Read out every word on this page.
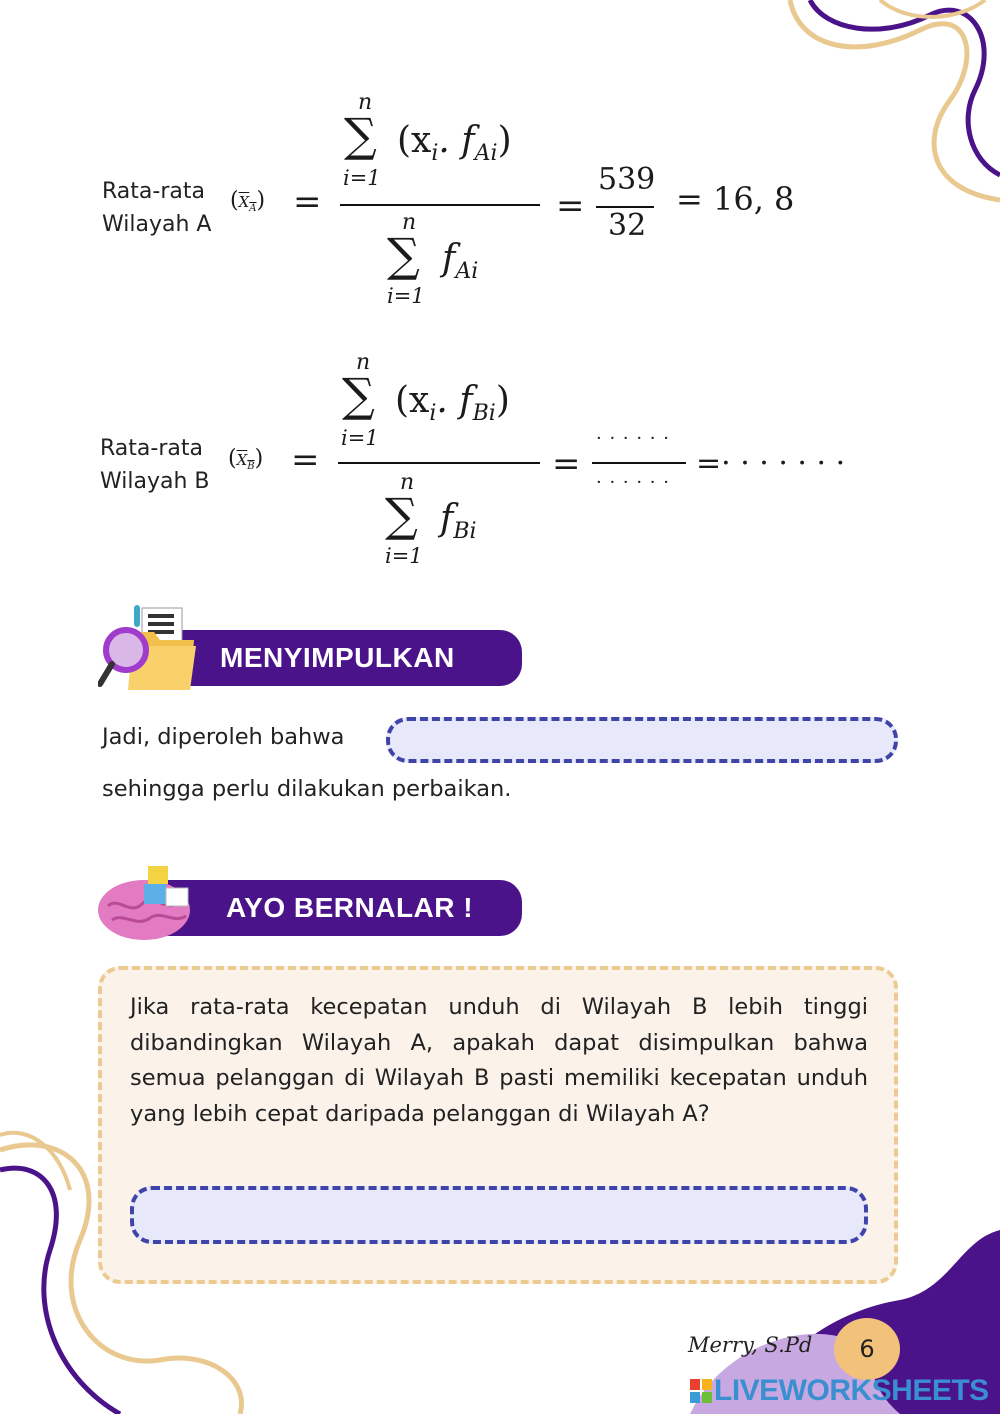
Rata-rata
Wilayah A
$(X_A)$ =
n
∑
i=1
($x_i$. $f_{Ai}$)
n
∑
i=1
$f_{Ai}$
=
539
32
= 16, 8
Rata-rata
Wilayah B
$(X_B)$ =
n
∑
i=1
($x_i$. $f_{Bi}$)
n
∑
i=1
$f_{Bi}$
=
· · · · · ·
· · · · · ·
=· · · · · · ·
MENYIMPULKAN
Jadi, diperoleh bahwa
sehingga perlu dilakukan perbaikan.
AYO BERNALAR !
Jika rata-rata kecepatan unduh di Wilayah B lebih tinggi dibandingkan Wilayah A, apakah dapat disimpulkan bahwa semua pelanggan di Wilayah B pasti memiliki kecepatan unduh yang lebih cepat daripada pelanggan di Wilayah A?
Merry, S.Pd 6
LIVEWORKSHEETS
